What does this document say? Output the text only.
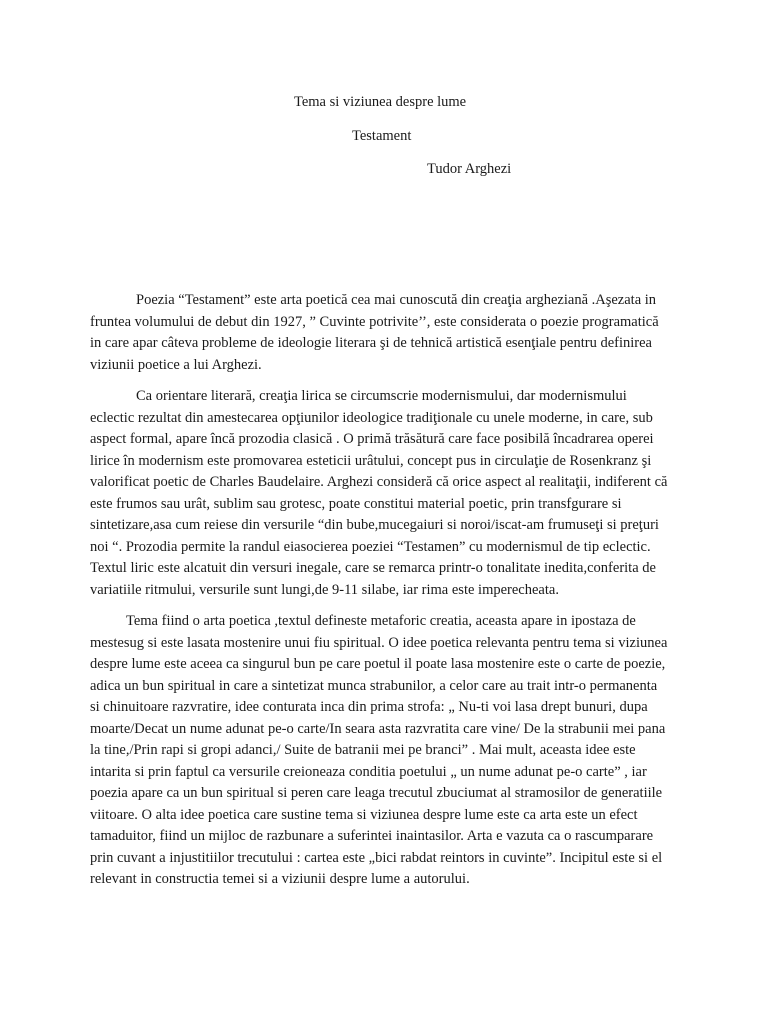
Tema si viziunea despre lume
Testament
Tudor Arghezi

Poezia “Testament” este arta poetică cea mai cunoscută din creaţia argheziană .Aşezata in fruntea volumului de debut din 1927, ” Cuvinte potrivite’’, este considerata o poezie programatică in care apar câteva probleme de ideologie literara şi de tehnică artistică esenţiale pentru definirea viziunii poetice a lui Arghezi.

Ca orientare literară, creaţia lirica se circumscrie modernismului, dar modernismului eclectic rezultat din amestecarea opţiunilor ideologice tradiţionale cu unele moderne, in care, sub aspect formal, apare încă prozodia clasică . O primă trăsătură care face posibilă încadrarea operei lirice în modernism este promovarea esteticii urâtului, concept pus in circulaţie de Rosenkranz şi valorificat poetic de Charles Baudelaire. Arghezi consideră că orice aspect al realitaţii, indiferent că este frumos sau urât, sublim sau grotesc, poate constitui material poetic, prin transfgurare si sintetizare,asa cum reiese din versurile “din bube,mucegaiuri si noroi/iscat-am frumuseţi si preţuri noi “. Prozodia permite la randul eiasocierea poeziei “Testamen” cu modernismul de tip eclectic. Textul liric este alcatuit din versuri inegale, care se remarca printr-o tonalitate inedita,conferita de variatiile ritmului, versurile sunt lungi,de 9-11 silabe, iar rima este imperecheata.

Tema fiind o arta poetica ,textul defineste metaforic creatia, aceasta apare in ipostaza de mestesug si este lasata mostenire unui fiu spiritual. O idee poetica relevanta pentru tema si viziunea despre lume este aceea ca singurul bun pe care poetul il poate lasa mostenire este o carte de poezie, adica un bun spiritual in care a sintetizat munca strabunilor, a celor care au trait intr-o permanenta si chinuitoare razvratire, idee conturata inca din prima strofa: „ Nu-ti voi lasa drept bunuri, dupa moarte/Decat un nume adunat pe-o carte/In seara asta razvratita care vine/ De la strabunii mei pana la tine,/Prin rapi si gropi adanci,/ Suite de batranii mei pe branci” . Mai mult, aceasta idee este intarita si prin faptul ca versurile creioneaza conditia poetului „ un nume adunat pe-o carte” , iar poezia apare ca un bun spiritual si peren care leaga trecutul zbuciumat al stramosilor de generatiile viitoare. O alta idee poetica care sustine tema si viziunea despre lume este ca arta este un efect tamaduitor, fiind un mijloc de razbunare a suferintei inaintasilor. Arta e vazuta ca o rascumparare prin cuvant a injustitiilor trecutului : cartea este „bici rabdat reintors in cuvinte”. Incipitul este si el relevant in constructia temei si a viziunii despre lume a autorului.
